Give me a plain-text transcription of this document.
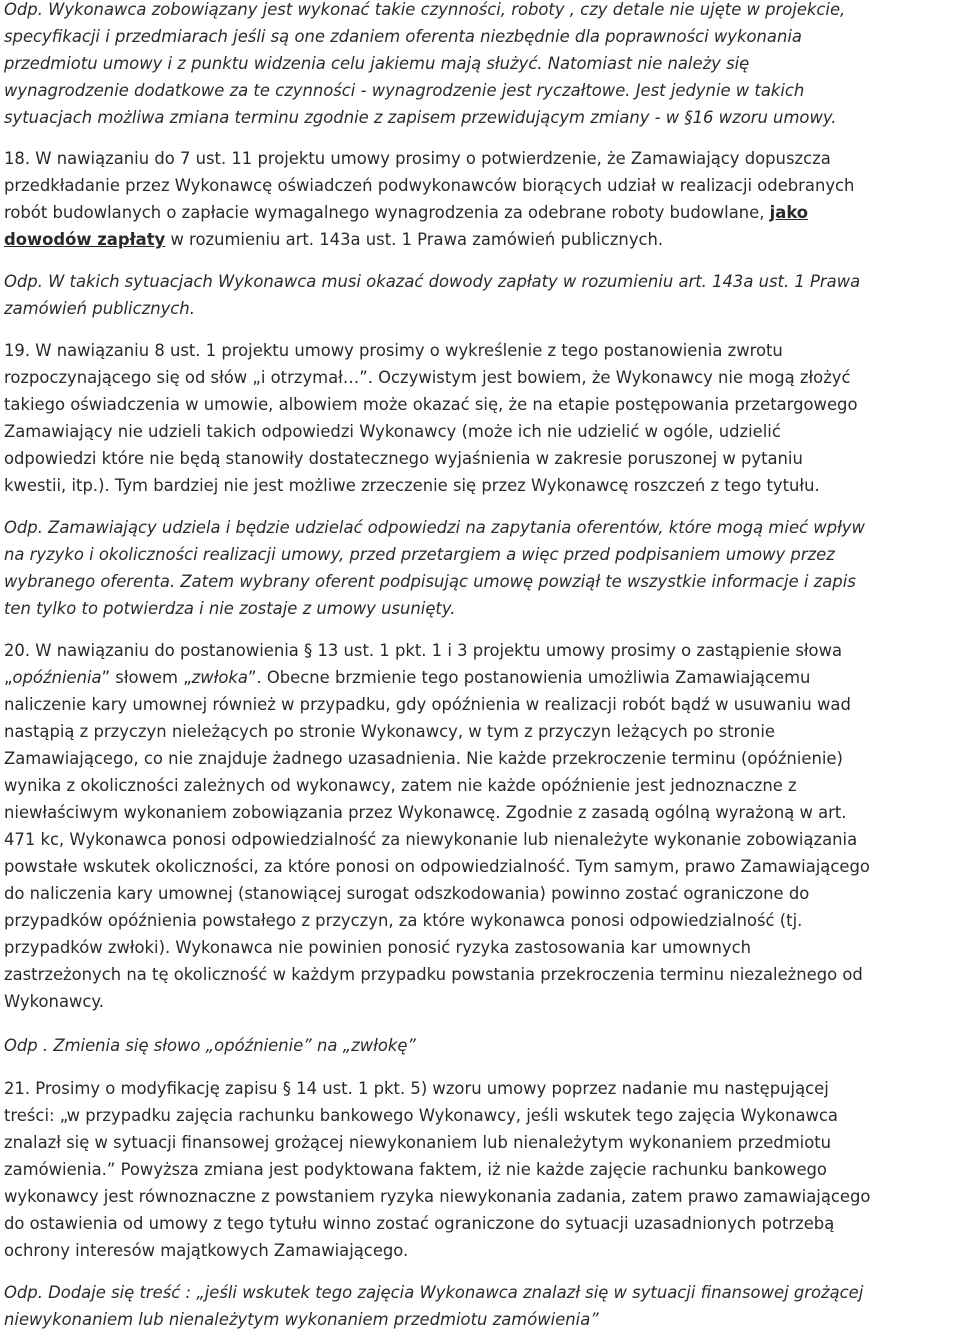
Odp. Wykonawca zobowiązany jest wykonać takie czynności, roboty , czy detale nie ujęte w projekcie,
specyfikacji i przedmiarach jeśli są one zdaniem oferenta niezbędnie dla poprawności wykonania
przedmiotu umowy i z punktu widzenia celu jakiemu mają służyć. Natomiast nie należy się
wynagrodzenie dodatkowe za te czynności - wynagrodzenie jest ryczałtowe. Jest jedynie w takich
sytuacjach możliwa zmiana terminu zgodnie z zapisem przewidującym zmiany - w §16 wzoru umowy.
18. W nawiązaniu do 7 ust. 11 projektu umowy prosimy o potwierdzenie, że Zamawiający dopuszcza
przedkładanie przez Wykonawcę oświadczeń podwykonawców biorących udział w realizacji odebranych
robót budowlanych o zapłacie wymagalnego wynagrodzenia za odebrane roboty budowlane, jako
dowodów zapłaty w rozumieniu art. 143a ust. 1 Prawa zamówień publicznych.
Odp. W takich sytuacjach Wykonawca musi okazać dowody zapłaty w rozumieniu art. 143a ust. 1 Prawa
zamówień publicznych.
19. W nawiązaniu 8 ust. 1 projektu umowy prosimy o wykreślenie z tego postanowienia zwrotu
rozpoczynającego się od słów „i otrzymał…”. Oczywistym jest bowiem, że Wykonawcy nie mogą złożyć
takiego oświadczenia w umowie, albowiem może okazać się, że na etapie postępowania przetargowego
Zamawiający nie udzieli takich odpowiedzi Wykonawcy (może ich nie udzielić w ogóle, udzielić
odpowiedzi które nie będą stanowiły dostatecznego wyjaśnienia w zakresie poruszonej w pytaniu
kwestii, itp.). Tym bardziej nie jest możliwe zrzeczenie się przez Wykonawcę roszczeń z tego tytułu.
Odp. Zamawiający udziela i będzie udzielać odpowiedzi na zapytania oferentów, które mogą mieć wpływ
na ryzyko i okoliczności realizacji umowy, przed przetargiem a więc przed podpisaniem umowy przez
wybranego oferenta. Zatem wybrany oferent podpisując umowę powziął te wszystkie informacje i zapis
ten tylko to potwierdza i nie zostaje z umowy usunięty.
20. W nawiązaniu do postanowienia § 13 ust. 1 pkt. 1 i 3 projektu umowy prosimy o zastąpienie słowa
„opóźnienia” słowem „zwłoka”. Obecne brzmienie tego postanowienia umożliwia Zamawiającemu
naliczenie kary umownej również w przypadku, gdy opóźnienia w realizacji robót bądź w usuwaniu wad
nastąpią z przyczyn nieleżących po stronie Wykonawcy, w tym z przyczyn leżących po stronie
Zamawiającego, co nie znajduje żadnego uzasadnienia. Nie każde przekroczenie terminu (opóźnienie)
wynika z okoliczności zależnych od wykonawcy, zatem nie każde opóźnienie jest jednoznaczne z
niewłaściwym wykonaniem zobowiązania przez Wykonawcę. Zgodnie z zasadą ogólną wyrażoną w art.
471 kc, Wykonawca ponosi odpowiedzialność za niewykonanie lub nienależyte wykonanie zobowiązania
powstałe wskutek okoliczności, za które ponosi on odpowiedzialność. Tym samym, prawo Zamawiającego
do naliczenia kary umownej (stanowiącej surogat odszkodowania) powinno zostać ograniczone do
przypadków opóźnienia powstałego z przyczyn, za które wykonawca ponosi odpowiedzialność (tj.
przypadków zwłoki). Wykonawca nie powinien ponosić ryzyka zastosowania kar umownych
zastrzeżonych na tę okoliczność w każdym przypadku powstania przekroczenia terminu niezależnego od
Wykonawcy.
Odp . Zmienia się słowo „opóźnienie” na „zwłokę”
21. Prosimy o modyfikację zapisu § 14 ust. 1 pkt. 5) wzoru umowy poprzez nadanie mu następującej
treści: „w przypadku zajęcia rachunku bankowego Wykonawcy, jeśli wskutek tego zajęcia Wykonawca
znalazł się w sytuacji finansowej grożącej niewykonaniem lub nienależytym wykonaniem przedmiotu
zamówienia.” Powyższa zmiana jest podyktowana faktem, iż nie każde zajęcie rachunku bankowego
wykonawcy jest równoznaczne z powstaniem ryzyka niewykonania zadania, zatem prawo zamawiającego
do ostawienia od umowy z tego tytułu winno zostać ograniczone do sytuacji uzasadnionych potrzebą
ochrony interesów majątkowych Zamawiającego.
Odp. Dodaje się treść : „jeśli wskutek tego zajęcia Wykonawca znalazł się w sytuacji finansowej grożącej
niewykonaniem lub nienależytym wykonaniem przedmiotu zamówienia”
